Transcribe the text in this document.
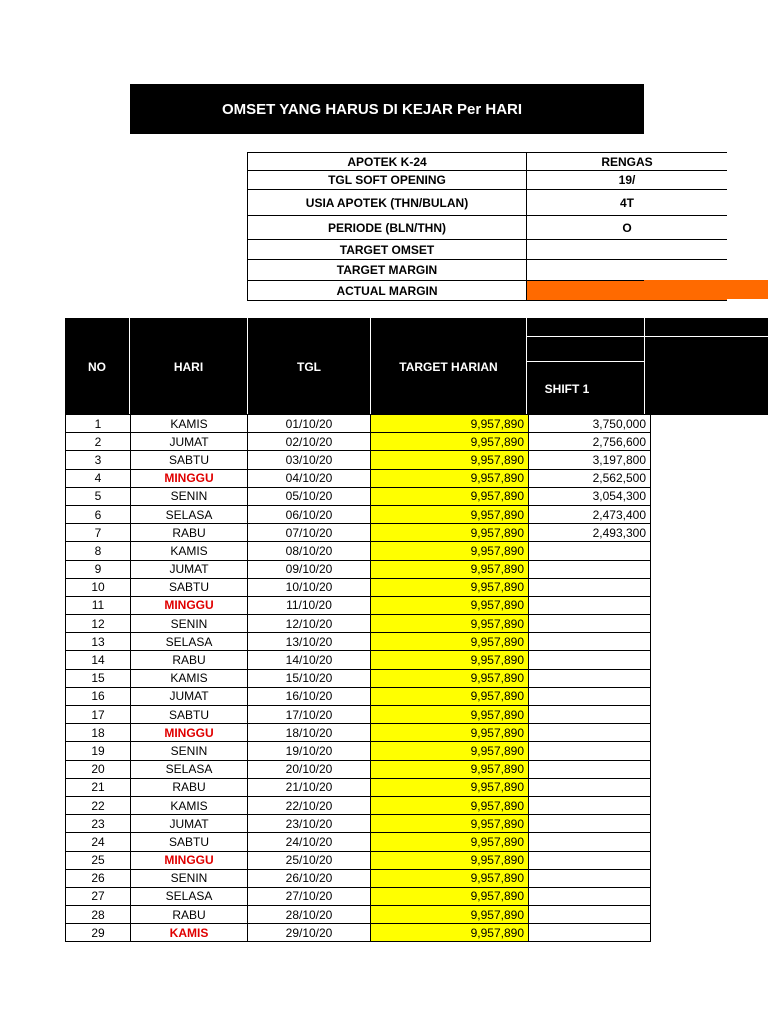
OMSET YANG HARUS DI KEJAR Per HARI
APOTEK K-24	RENGAS
TGL SOFT OPENING	19/
USIA APOTEK (THN/BULAN)	4T
PERIODE (BLN/THN)	O
TARGET OMSET	
TARGET MARGIN	
ACTUAL MARGIN	
NO	HARI	TGL	TARGET HARIAN
SHIFT 1
1	KAMIS	01/10/20	9,957,890	3,750,000
2	JUMAT	02/10/20	9,957,890	2,756,600
3	SABTU	03/10/20	9,957,890	3,197,800
4	MINGGU	04/10/20	9,957,890	2,562,500
5	SENIN	05/10/20	9,957,890	3,054,300
6	SELASA	06/10/20	9,957,890	2,473,400
7	RABU	07/10/20	9,957,890	2,493,300
8	KAMIS	08/10/20	9,957,890	
9	JUMAT	09/10/20	9,957,890	
10	SABTU	10/10/20	9,957,890	
11	MINGGU	11/10/20	9,957,890	
12	SENIN	12/10/20	9,957,890	
13	SELASA	13/10/20	9,957,890	
14	RABU	14/10/20	9,957,890	
15	KAMIS	15/10/20	9,957,890	
16	JUMAT	16/10/20	9,957,890	
17	SABTU	17/10/20	9,957,890	
18	MINGGU	18/10/20	9,957,890	
19	SENIN	19/10/20	9,957,890	
20	SELASA	20/10/20	9,957,890	
21	RABU	21/10/20	9,957,890	
22	KAMIS	22/10/20	9,957,890	
23	JUMAT	23/10/20	9,957,890	
24	SABTU	24/10/20	9,957,890	
25	MINGGU	25/10/20	9,957,890	
26	SENIN	26/10/20	9,957,890	
27	SELASA	27/10/20	9,957,890	
28	RABU	28/10/20	9,957,890	
29	KAMIS	29/10/20	9,957,890	
